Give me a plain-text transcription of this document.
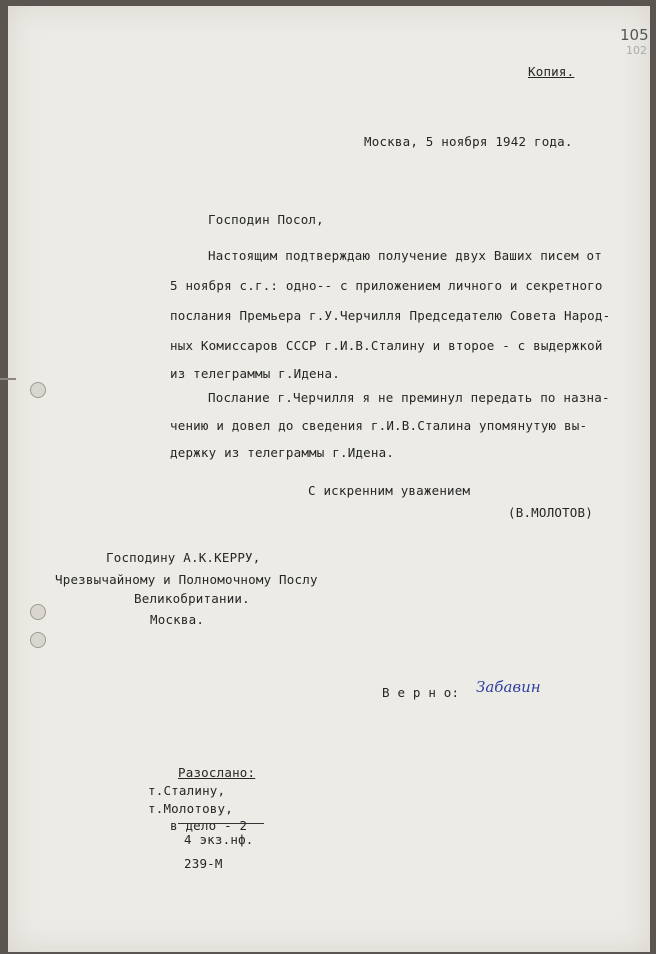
102
105

Копия.

Москва, 5 ноября 1942 года.

Господин Посол,

Настоящим подтверждаю получение двух Ваших писем от

5 ноября с.г.: одно-- с приложением личного и секретного

послания Премьера г.У.Черчилля Председателю Совета Народ-

ных Комиссаров СССР г.И.В.Сталину и второе - с выдержкой

из телеграммы г.Идена.

Послание г.Черчилля я не преминул передать по назна-

чению и довел до сведения г.И.В.Сталина упомянутую вы-

держку из телеграммы г.Идена.

С искренним уважением

(В.МОЛОТОВ)

Господину А.К.КЕРРУ,

Чрезвычайному и Полномочному Послу

Великобритании.

Москва.

В е р н о: Забавин

Разослано:

т.Сталину,

т.Молотову,

в дело - 2

4 экз.нф.

239-М
